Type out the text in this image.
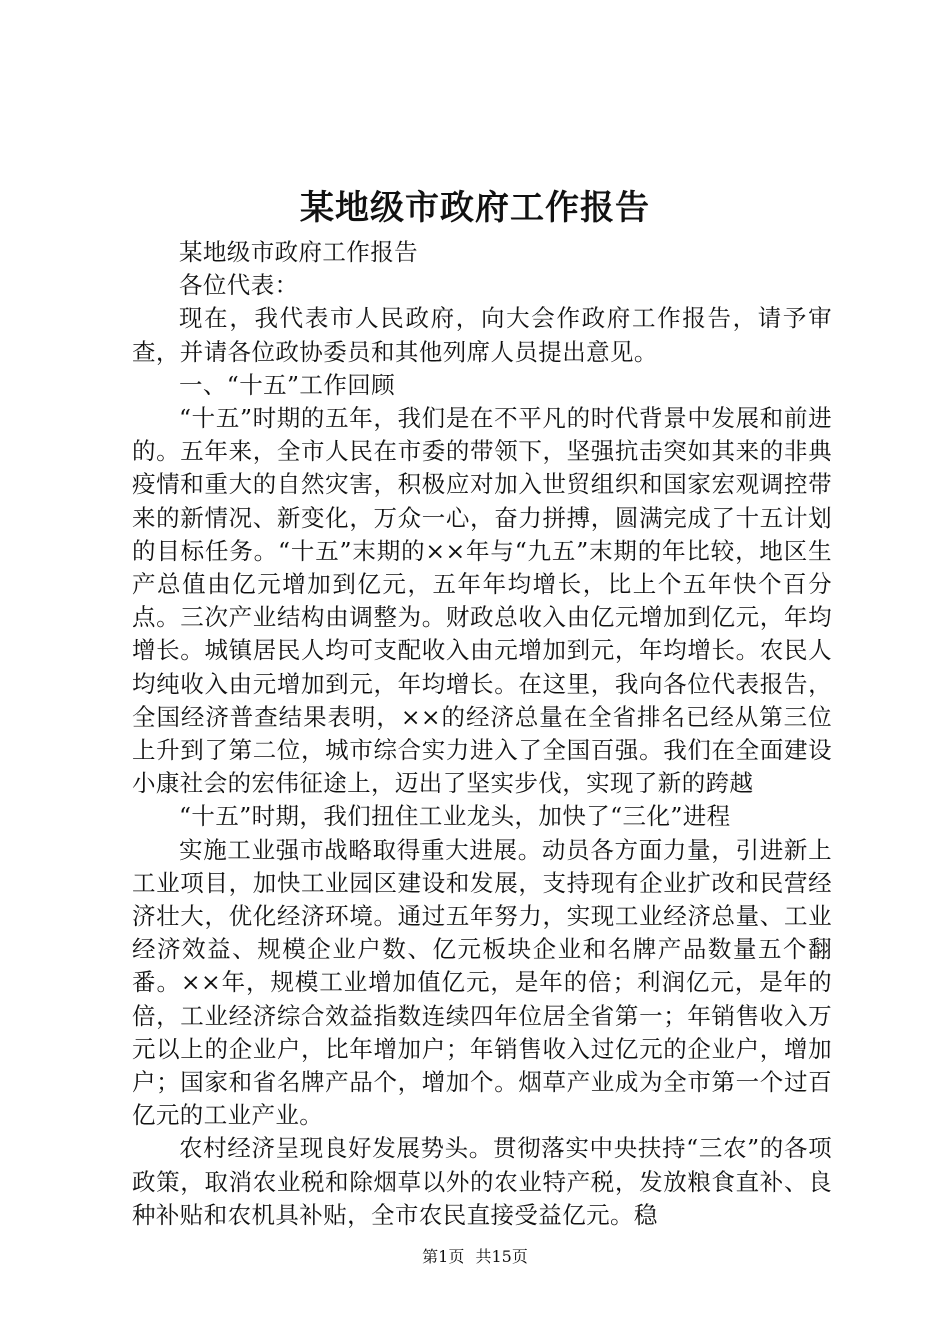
某地级市政府工作报告

某地级市政府工作报告

各位代表：

现在，我代表市人民政府，向大会作政府工作报告，请予审查，并请各位政协委员和其他列席人员提出意见。

一、“十五”工作回顾

“十五”时期的五年，我们是在不平凡的时代背景中发展和前进的。五年来，全市人民在市委的带领下，坚强抗击突如其来的非典疫情和重大的自然灾害，积极应对加入世贸组织和国家宏观调控带来的新情况、新变化，万众一心，奋力拼搏，圆满完成了十五计划的目标任务。“十五”末期的××年与“九五”末期的年比较，地区生产总值由亿元增加到亿元，五年年均增长，比上个五年快个百分点。三次产业结构由调整为。财政总收入由亿元增加到亿元，年均增长。城镇居民人均可支配收入由元增加到元，年均增长。农民人均纯收入由元增加到元，年均增长。在这里，我向各位代表报告，全国经济普查结果表明，××的经济总量在全省排名已经从第三位上升到了第二位，城市综合实力进入了全国百强。我们在全面建设小康社会的宏伟征途上，迈出了坚实步伐，实现了新的跨越

“十五”时期，我们扭住工业龙头，加快了“三化”进程

实施工业强市战略取得重大进展。动员各方面力量，引进新上工业项目，加快工业园区建设和发展，支持现有企业扩改和民营经济壮大，优化经济环境。通过五年努力，实现工业经济总量、工业经济效益、规模企业户数、亿元板块企业和名牌产品数量五个翻番。××年，规模工业增加值亿元，是年的倍；利润亿元，是年的倍，工业经济综合效益指数连续四年位居全省第一；年销售收入万元以上的企业户，比年增加户；年销售收入过亿元的企业户，增加户；国家和省名牌产品个，增加个。烟草产业成为全市第一个过百亿元的工业产业。

农村经济呈现良好发展势头。贯彻落实中央扶持“三农”的各项政策，取消农业税和除烟草以外的农业特产税，发放粮食直补、良种补贴和农机具补贴，全市农民直接受益亿元。稳

第1页 共15页
